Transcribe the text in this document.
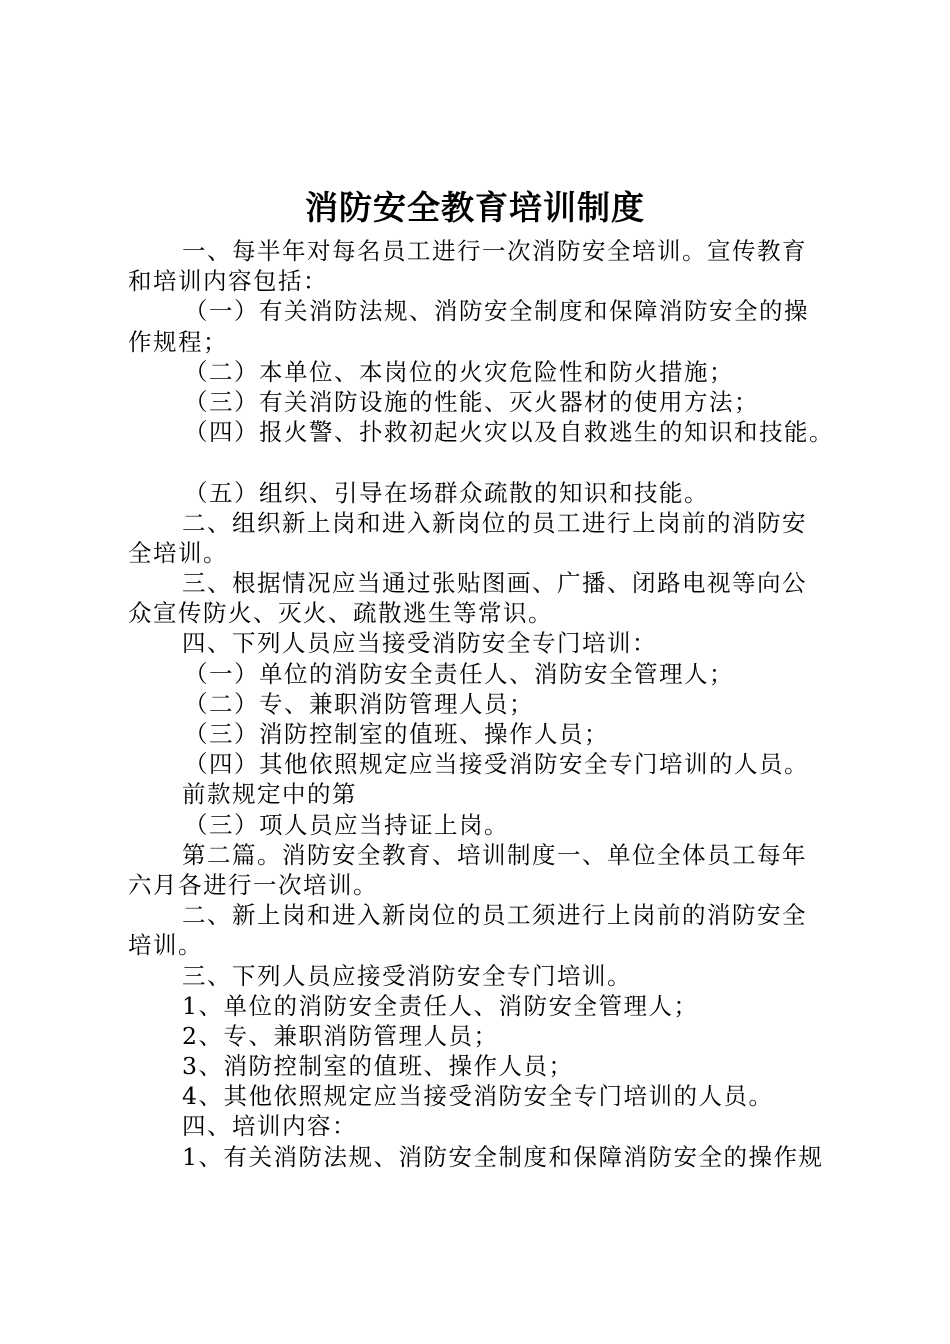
消防安全教育培训制度

一、每半年对每名员工进行一次消防安全培训。宣传教育

和培训内容包括：

（一）有关消防法规、消防安全制度和保障消防安全的操

作规程；

（二）本单位、本岗位的火灾危险性和防火措施；

（三）有关消防设施的性能、灭火器材的使用方法；

（四）报火警、扑救初起火灾以及自救逃生的知识和技能。

（五）组织、引导在场群众疏散的知识和技能。

二、组织新上岗和进入新岗位的员工进行上岗前的消防安

全培训。

三、根据情况应当通过张贴图画、广播、闭路电视等向公

众宣传防火、灭火、疏散逃生等常识。

四、下列人员应当接受消防安全专门培训：

（一）单位的消防安全责任人、消防安全管理人；

（二）专、兼职消防管理人员；

（三）消防控制室的值班、操作人员；

（四）其他依照规定应当接受消防安全专门培训的人员。

前款规定中的第

（三）项人员应当持证上岗。

第二篇。消防安全教育、培训制度一、单位全体员工每年

六月各进行一次培训。

二、新上岗和进入新岗位的员工须进行上岗前的消防安全

培训。

三、下列人员应接受消防安全专门培训。

1、单位的消防安全责任人、消防安全管理人；

2、专、兼职消防管理人员；

3、消防控制室的值班、操作人员；

4、其他依照规定应当接受消防安全专门培训的人员。

四、培训内容：

1、有关消防法规、消防安全制度和保障消防安全的操作规
